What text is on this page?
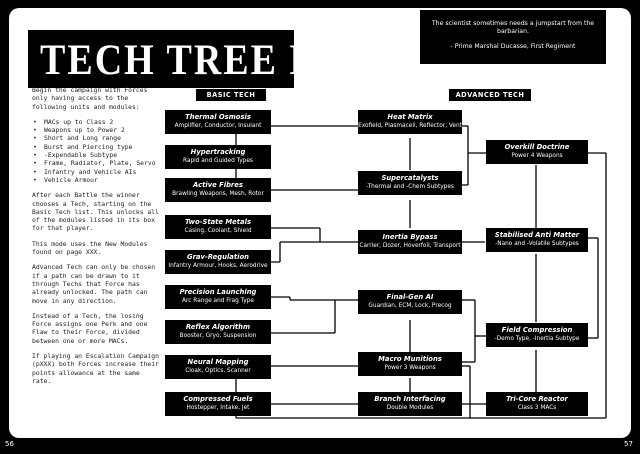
TECH TREE MODE

The scientist sometimes needs a jumpstart from the barbarian.

- Prime Marshal Ducasse, First Regiment

Begin the campaign with Forces only having access to the following units and modules:

• MACs up to Class 2
• Weapons up to Power 2
• Short and Long range
• Burst and Piercing type
• -Expendable Subtype
• Frame, Radiator, Plate, Servo
• Infantry and Vehicle AIs
• Vehicle Armour

After each Battle the winner chooses a Tech, starting on the Basic Tech list. This unlocks all of the modules listed in its box for that player.

This mode uses the New Modules found on page XXX.

Advanced Tech can only be chosen if a path can be drawn to it through Techs that Force has already unlocked. The path can move in any direction.

Instead of a Tech, the losing Force assigns one Perk and one Flaw to their Force, divided between one or more MACs.

If playing an Escalation Campaign (pXXX) both Forces increase their points allowance at the same rate.

BASIC TECH	ADVANCED TECH
Thermal Osmosis
Amplifier, Conductor, Insulant
Hypertracking
Rapid and Guided Types
Active Fibres
Brawling Weapons, Mesh, Rotor
Two-State Metals
Casing, Coolant, Shield
Grav-Regulation
Infantry Armour, Hooks, Aerodrive
Precision Launching
Arc Range and Frag Type
Reflex Algorithm
Booster, Gryo, Suspension
Neural Mapping
Cloak, Optics, Scanner
Compressed Fuels
Hostepper, Intake, Jet
Heat Matrix
Exofield, Plasmacell, Reflector, Vent
Supercatalysts
-Thermal and -Chem Subtypes
Inertia Bypass
Carrier, Dozer, Hoverfoil, Transport
Final-Gen AI
Guardian, ECM, Lock, Precog
Macro Munitions
Power 3 Weapons
Branch Interfacing
Double Modules
Overkill Doctrine
Power 4 Weapons
Stabilised Anti Matter
-Nano and -Volatile Subtypes
Field Compression
-Demo Type, -Inertia Subtype
Tri-Core Reactor
Class 3 MACs
56	57
